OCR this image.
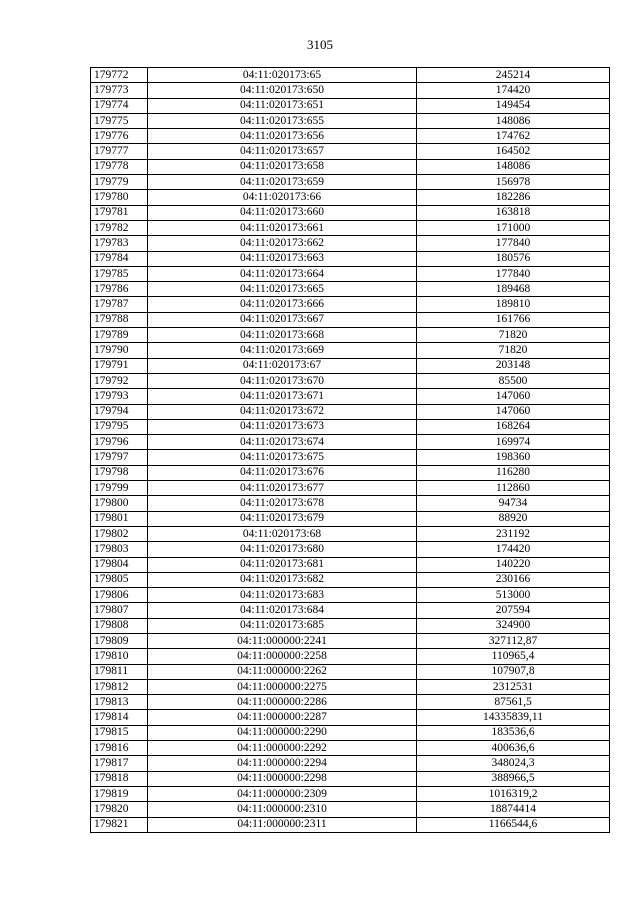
3105
179772	04:11:020173:65	245214
179773	04:11:020173:650	174420
179774	04:11:020173:651	149454
179775	04:11:020173:655	148086
179776	04:11:020173:656	174762
179777	04:11:020173:657	164502
179778	04:11:020173:658	148086
179779	04:11:020173:659	156978
179780	04:11:020173:66	182286
179781	04:11:020173:660	163818
179782	04:11:020173:661	171000
179783	04:11:020173:662	177840
179784	04:11:020173:663	180576
179785	04:11:020173:664	177840
179786	04:11:020173:665	189468
179787	04:11:020173:666	189810
179788	04:11:020173:667	161766
179789	04:11:020173:668	71820
179790	04:11:020173:669	71820
179791	04:11:020173:67	203148
179792	04:11:020173:670	85500
179793	04:11:020173:671	147060
179794	04:11:020173:672	147060
179795	04:11:020173:673	168264
179796	04:11:020173:674	169974
179797	04:11:020173:675	198360
179798	04:11:020173:676	116280
179799	04:11:020173:677	112860
179800	04:11:020173:678	94734
179801	04:11:020173:679	88920
179802	04:11:020173:68	231192
179803	04:11:020173:680	174420
179804	04:11:020173:681	140220
179805	04:11:020173:682	230166
179806	04:11:020173:683	513000
179807	04:11:020173:684	207594
179808	04:11:020173:685	324900
179809	04:11:000000:2241	327112,87
179810	04:11:000000:2258	110965,4
179811	04:11:000000:2262	107907,8
179812	04:11:000000:2275	2312531
179813	04:11:000000:2286	87561,5
179814	04:11:000000:2287	14335839,11
179815	04:11:000000:2290	183536,6
179816	04:11:000000:2292	400636,6
179817	04:11:000000:2294	348024,3
179818	04:11:000000:2298	388966,5
179819	04:11:000000:2309	1016319,2
179820	04:11:000000:2310	18874414
179821	04:11:000000:2311	1166544,6
